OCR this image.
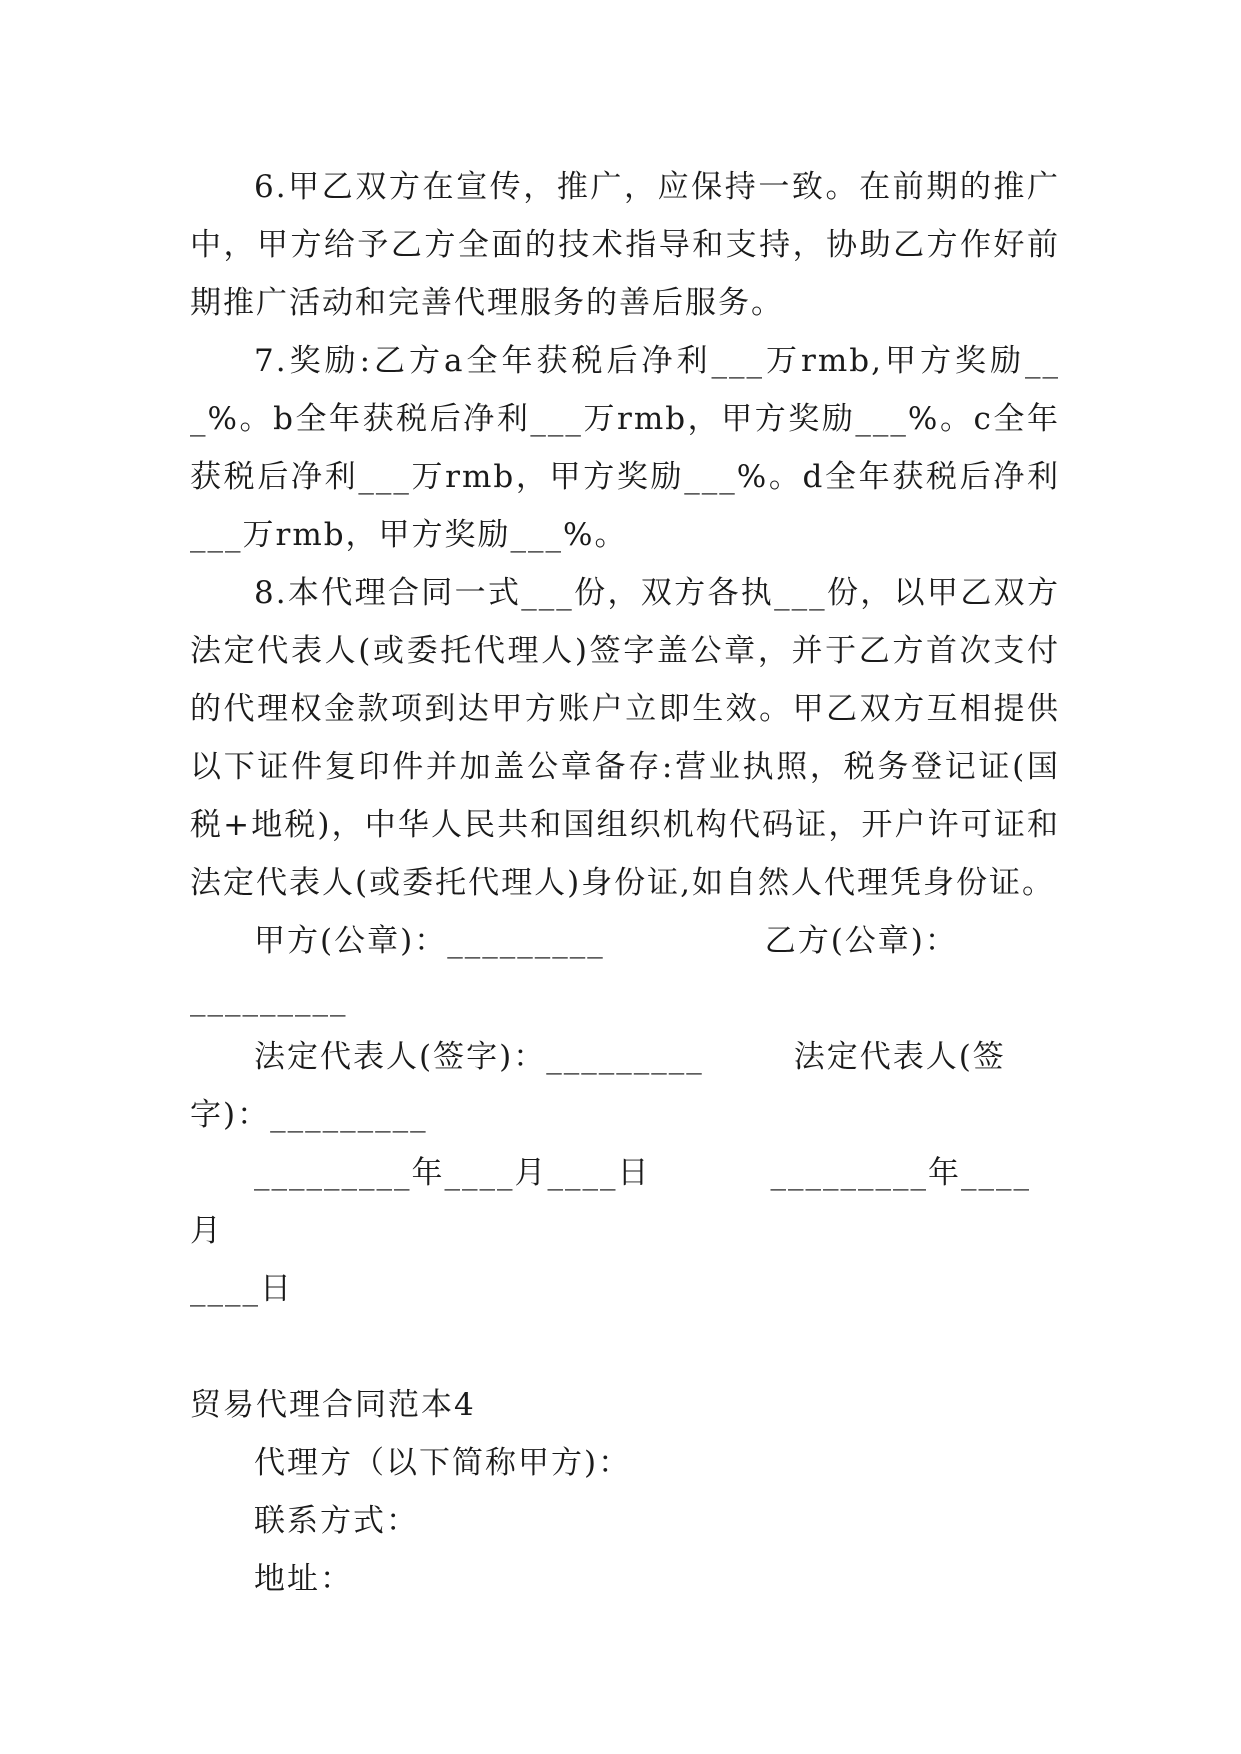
6.甲乙双方在宣传，推广，应保持一致。在前期的推广中，甲方给予乙方全面的技术指导和支持，协助乙方作好前期推广活动和完善代理服务的善后服务。

7.奖励:乙方a全年获税后净利___万rmb,甲方奖励___%。b全年获税后净利___万rmb，甲方奖励___%。c全年获税后净利___万rmb，甲方奖励___%。d全年获税后净利___万rmb，甲方奖励___%。

8.本代理合同一式___份，双方各执___份，以甲乙双方法定代表人(或委托代理人)签字盖公章，并于乙方首次支付的代理权金款项到达甲方账户立即生效。甲乙双方互相提供以下证件复印件并加盖公章备存:营业执照，税务登记证(国税+地税)，中华人民共和国组织机构代码证，开户许可证和法定代表人(或委托代理人)身份证,如自然人代理凭身份证。

甲方(公章)：_________	乙方(公章)：

_________

法定代表人(签字)：_________	法定代表人(签

字)：_________

_________年____月____日	_________年____月

____日

贸易代理合同范本4

代理方（以下简称甲方)：

联系方式：

地址：
